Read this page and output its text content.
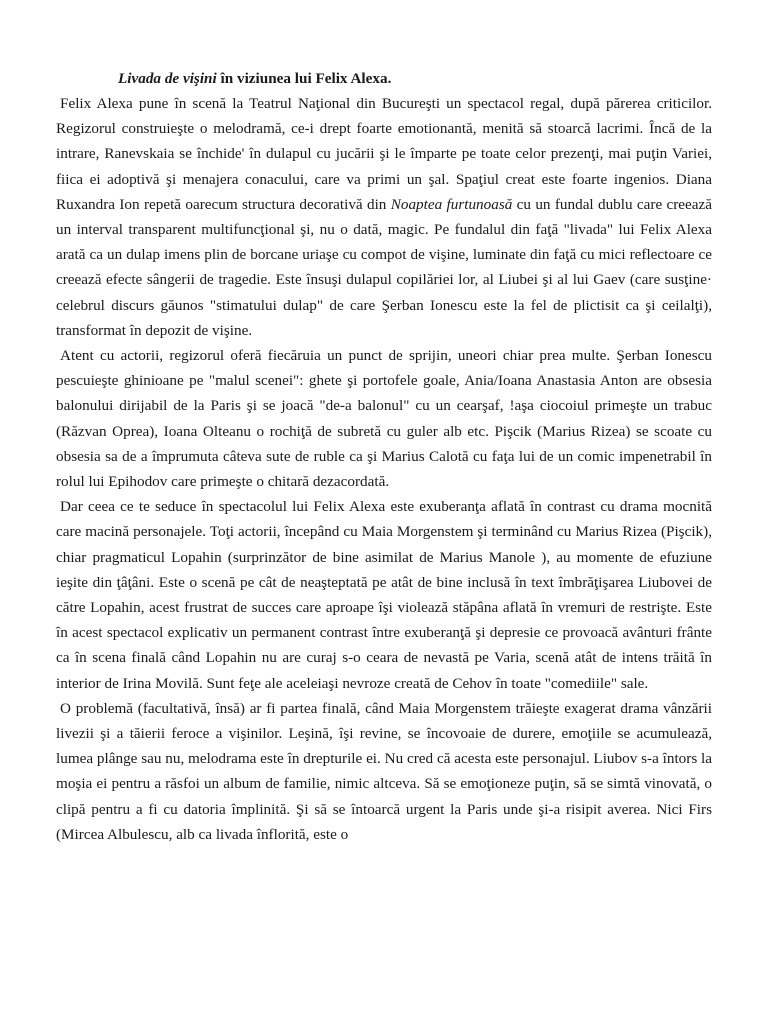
Livada de vişini în viziunea lui Felix Alexa.

Felix Alexa pune în scenă la Teatrul Naţional din Bucureşti un spectacol regal, după părerea criticilor. Regizorul construieşte o melodramă, ce-i drept foarte emotionantă, menită să stoarcă lacrimi. Încă de la intrare, Ranevskaia se închide' în dulapul cu jucării şi le împarte pe toate celor prezenţi, mai puţin Variei, fiica ei adoptivă şi menajera conacului, care va primi un şal. Spaţiul creat este foarte ingenios. Diana Ruxandra Ion repetă oarecum structura decorativă din Noaptea furtunoasă cu un fundal dublu care creează un interval transparent multifuncţional şi, nu o dată, magic. Pe fundalul din faţă "livada" lui Felix Alexa arată ca un dulap imens plin de borcane uriaşe cu compot de vişine, luminate din faţă cu mici reflectoare ce creează efecte sângerii de tragedie. Este însuşi dulapul copilăriei lor, al Liubei şi al lui Gaev (care susţine· celebrul discurs găunos "stimatului dulap" de care Şerban Ionescu este la fel de plictisit ca şi ceilalţi), transformat în depozit de vişine.

Atent cu actorii, regizorul oferă fiecăruia un punct de sprijin, uneori chiar prea multe. Şerban Ionescu pescuieşte ghinioane pe "malul scenei": ghete şi portofele goale, Ania/Ioana Anastasia Anton are obsesia balonului dirijabil de la Paris şi se joacă "de-a balonul" cu un cearşaf, !aşa ciocoiul primeşte un trabuc (Răzvan Oprea), Ioana Olteanu o rochiţă de subretă cu guler alb etc. Pişcik (Marius Rizea) se scoate cu obsesia sa de a împrumuta câteva sute de ruble ca şi Marius Calotă cu faţa lui de un comic impenetrabil în rolul lui Epihodov care primeşte o chitară dezacordată.

Dar ceea ce te seduce în spectacolul lui Felix Alexa este exuberanţa aflată în contrast cu drama mocnită care macină personajele. Toţi actorii, începând cu Maia Morgenstem şi terminând cu Marius Rizea (Pişcik), chiar pragmaticul Lopahin (surprinzător de bine asimilat de Marius Manole ), au momente de efuziune ieşite din ţâţâni. Este o scenă pe cât de neaşteptată pe atât de bine inclusă în text îmbrăţişarea Liubovei de către Lopahin, acest frustrat de succes care aproape îşi violează stăpâna aflată în vremuri de restrişte. Este în acest spectacol explicativ un permanent contrast între exuberanţă şi depresie ce provoacă avânturi frânte ca în scena finală când Lopahin nu are curaj s-o ceara de nevastă pe Varia, scenă atât de intens trăită în interior de Irina Movilă. Sunt feţe ale aceleiaşi nevroze creată de Cehov în toate "comediile" sale.

O problemă (facultativă, însă) ar fi partea finală, când Maia Morgenstem trăieşte exagerat drama vânzării livezii şi a tăierii feroce a vişinilor. Leşină, îşi revine, se încovoaie de durere, emoţiile se acumulează, lumea plânge sau nu, melodrama este în drepturile ei. Nu cred că acesta este personajul. Liubov s-a întors la moşia ei pentru a răsfoi un album de familie, nimic altceva. Să se emoţioneze puţin, să se simtă vinovată, o clipă pentru a fi cu datoria împlinită. Şi să se întoarcă urgent la Paris unde şi-a risipit averea. Nici Firs (Mircea Albulescu, alb ca livada înflorită, este o
